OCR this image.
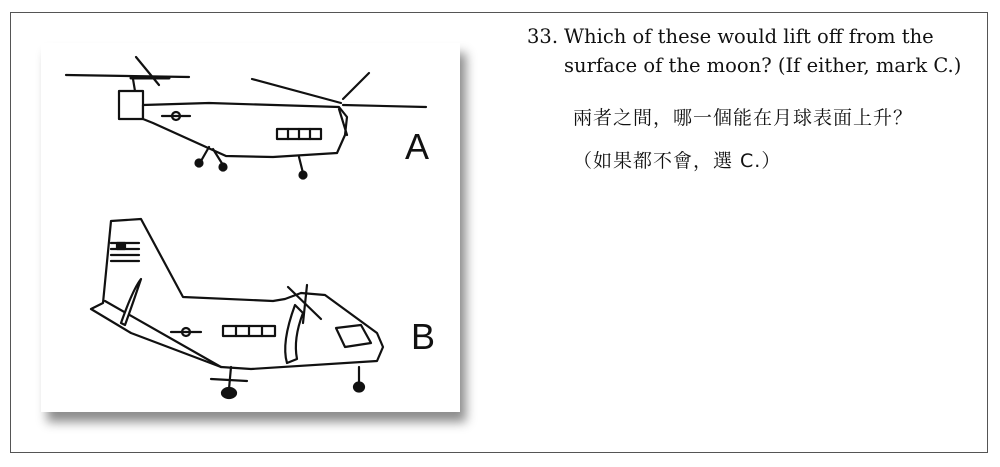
A
B
33. Which of these would lift off from the surface of the moon? (If either, mark C.)
兩者之間，哪一個能在月球表面上升？
（如果都不會，選 C.）
